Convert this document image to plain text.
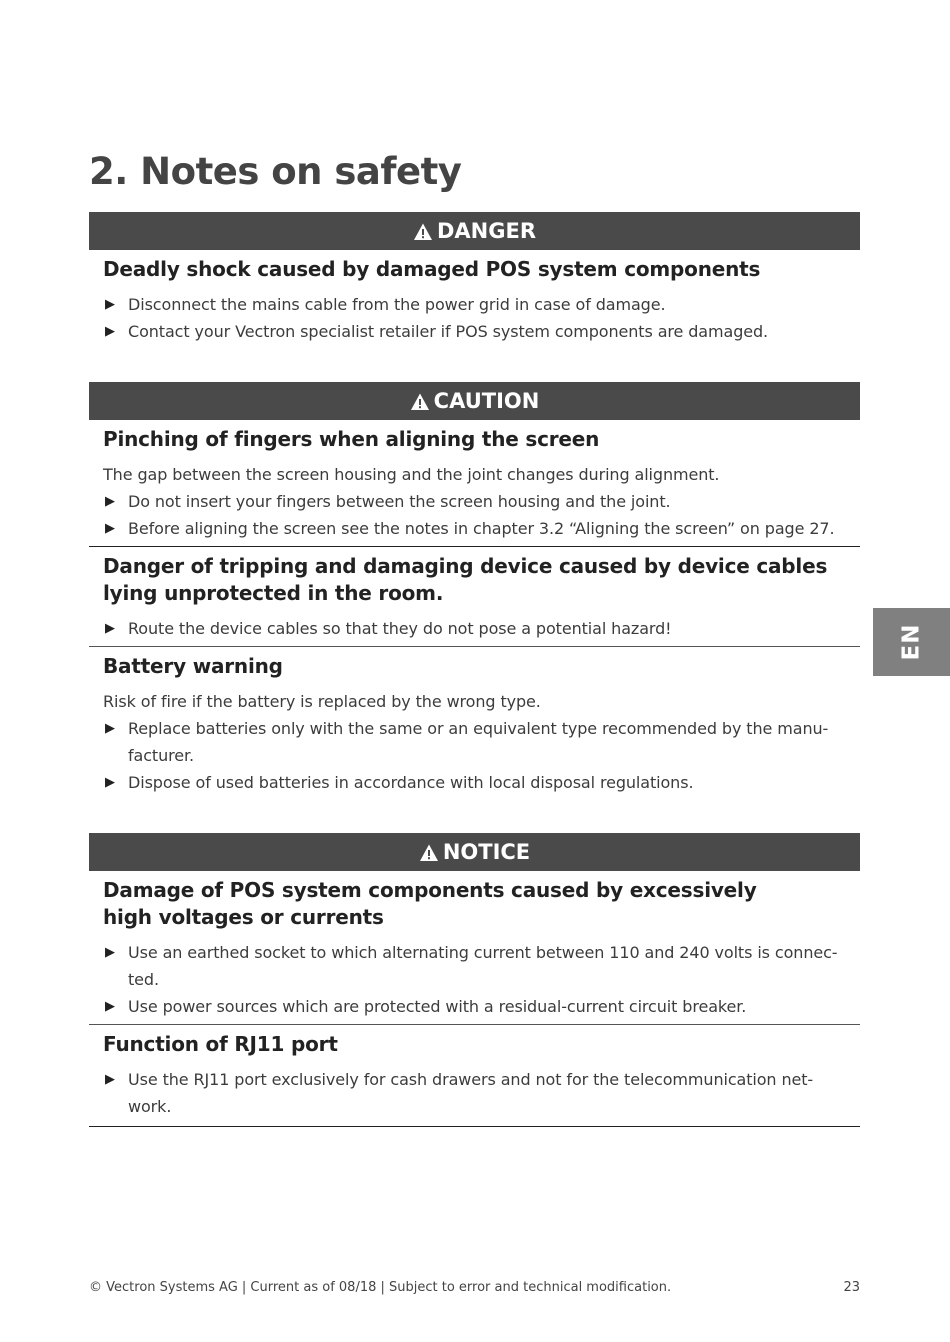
2. Notes on safety
DANGER
Deadly shock caused by damaged POS system components
▶ Disconnect the mains cable from the power grid in case of damage.
▶ Contact your Vectron specialist retailer if POS system components are damaged.
CAUTION
Pinching of fingers when aligning the screen
The gap between the screen housing and the joint changes during alignment.
▶ Do not insert your fingers between the screen housing and the joint.
▶ Before aligning the screen see the notes in chapter 3.2 “Aligning the screen” on page 27.
Danger of tripping and damaging device caused by device cables lying unprotected in the room.
▶ Route the device cables so that they do not pose a potential hazard!
Battery warning
Risk of fire if the battery is replaced by the wrong type.
▶ Replace batteries only with the same or an equivalent type recommended by the manu-facturer.
▶ Dispose of used batteries in accordance with local disposal regulations.
NOTICE
Damage of POS system components caused by excessively high voltages or currents
▶ Use an earthed socket to which alternating current between 110 and 240 volts is connec-ted.
▶ Use power sources which are protected with a residual-current circuit breaker.
Function of RJ11 port
▶ Use the RJ11 port exclusively for cash drawers and not for the telecommunication net-work.
EN
© Vectron Systems AG | Current as of 08/18 | Subject to error and technical modification.	23
